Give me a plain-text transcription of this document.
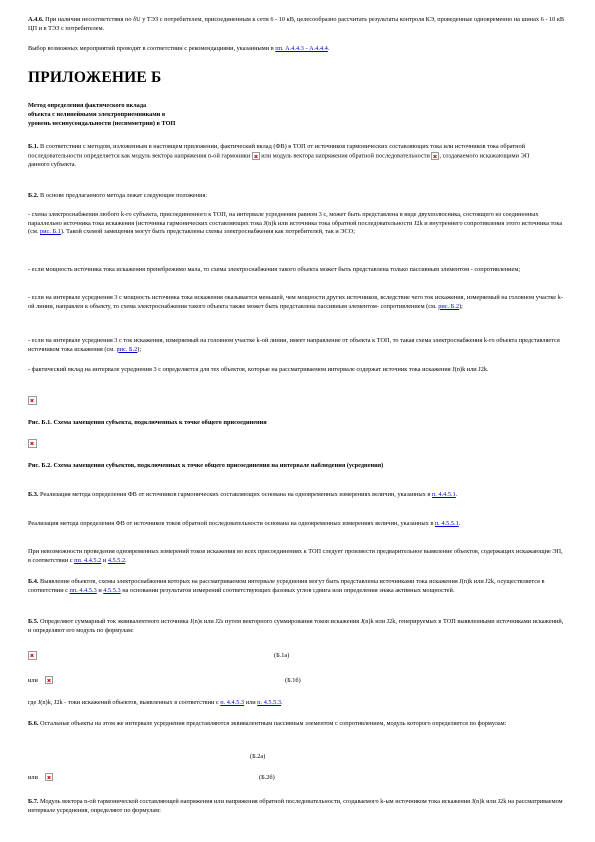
А.4.6. При наличии несоответствия по δU у ТЭЗ с потребителем, присоединенным к сети 6 - 10 кВ, целесообразно рассчитать результаты контроля КЭ, проведенные одновременно на шинах 6 - 10 кВ ЦП и в ТЭЗ с потребителем.

Выбор возможных мероприятий проводят в соответствии с рекомендациями, указанными в пп. А.4.4.3 - А.4.4.4.

ПРИЛОЖЕНИЕ Б
Метод определения фактического вклада
объекта с нелинейными электроприемниками в
уровень несинусоидальности (несимметрии) в ТОП

Б.1. В соответствии с методом, изложенным в настоящем приложении, фактический вклад (ФВ) в ТОП от источников гармонических составляющих тока или источников тока обратной последовательности определяется как модуль вектора напряжения n-ой гармоники или модуль вектора напряжения обратной последовательности , создаваемого искажающими ЭП данного субъекта.

Б.2. В основе предлагаемого метода лежат следующие положения:

- схема электроснабжения любого k-го субъекта, присоединенного к ТОП, на интервале усреднения равном 3 с, может быть представлена в виде двухполюсника, состоящего из соединенных параллельно источника тока искажения (источника гармонических составляющих тока J(n)k или источника тока обратной последовательности J2k и внутреннего сопротивления этого источника тока (см. рис. Б.1). Такой схемой замещения могут быть представлены схемы электроснабжения как потребителей, так и ЭСО;

- если мощность источника тока искажения пренебрежимо мала, то схема электроснабжения такого объекта может быть представлена только пассивным элементом - сопротивлением;

- если на интервале усреднения 3 с мощность источника тока искажения оказывается меньшей, чем мощности других источников, вследствие чего ток искажения, измеряемый на головном участке k-ой линии, направлен к объекту, то схема электроснабжения такого объекта также может быть представлена пассивным элементом- сопротивлением (см. рис. Б.2);

- если на интервале усреднения 3 с ток искажения, измеряемый на головном участке k-ой линии, имеет направление от объекта к ТОП, то такая схема электроснабжения k-го объекта представляется источником тока искажения (см. рис. Б.2);

- фактический вклад на интервале усреднения 3 с определяется для тех объектов, которые на рассматриваемом интервале содержат источник тока искажения J(n)k или J2k.

Рис. Б.1. Схема замещения субъекта, подключенных к точке общего присоединения

Рис. Б.2. Схема замещения субъектов, подключенных к точке общего присоединения на интервале наблюдения (усреднения)

Б.3. Реализация метода определения ФВ от источников гармонических составляющих основана на одновременных измерениях величин, указанных в п. 4.4.5.1.

Реализация метода определения ФВ от источников токов обратной последовательности основана на одновременных измерениях величин, указанных в п. 4.5.5.1.

При невозможности проведения одновременных измерений токов искажения во всех присоединениях к ТОП следует произвести предварительное выявление объектов, содержащих искажающие ЭП, в соответствии с пп. 4.4.5.2 и 4.5.5.2.

Б.4. Выявление объектов, схемы электроснабжения которых на рассматриваемом интервале усреднения могут быть представлены источниками тока искажения J(n)k или J2k, осуществляется в соответствии с пп. 4.4.5.3 и 4.5.5.3 на основании результатов измерений соответствующих фазовых углов сдвига или определения знака активных мощностей.

Б.5. Определяют суммарный ток эквивалентного источника J(n)s или J2s путем векторного суммирования токов искажения J(n)k или J2k, генерируемых в ТОП выявленными источниками искажений, и определяют его модуль по формулам:

(Б.1а)
или	(Б.1б)

где J(n)k, J2k - токи искажений объектов, выявленных в соответствии с п. 4.4.5.3 или п. 4.5.5.3.

Б.6. Остальные объекты на этом же интервале усреднения представляются эквивалентным пассивным элементом с сопротивлением, модуль которого определяется по формулам:

(Б.2а)
или	(Б.2б)

Б.7. Модуль вектора n-ой гармонической составляющей напряжения или напряжения обратной последовательности, создаваемого k-ым источником тока искажения J(n)k или J2k на рассматриваемом интервале усреднения, определяют по формулам:
